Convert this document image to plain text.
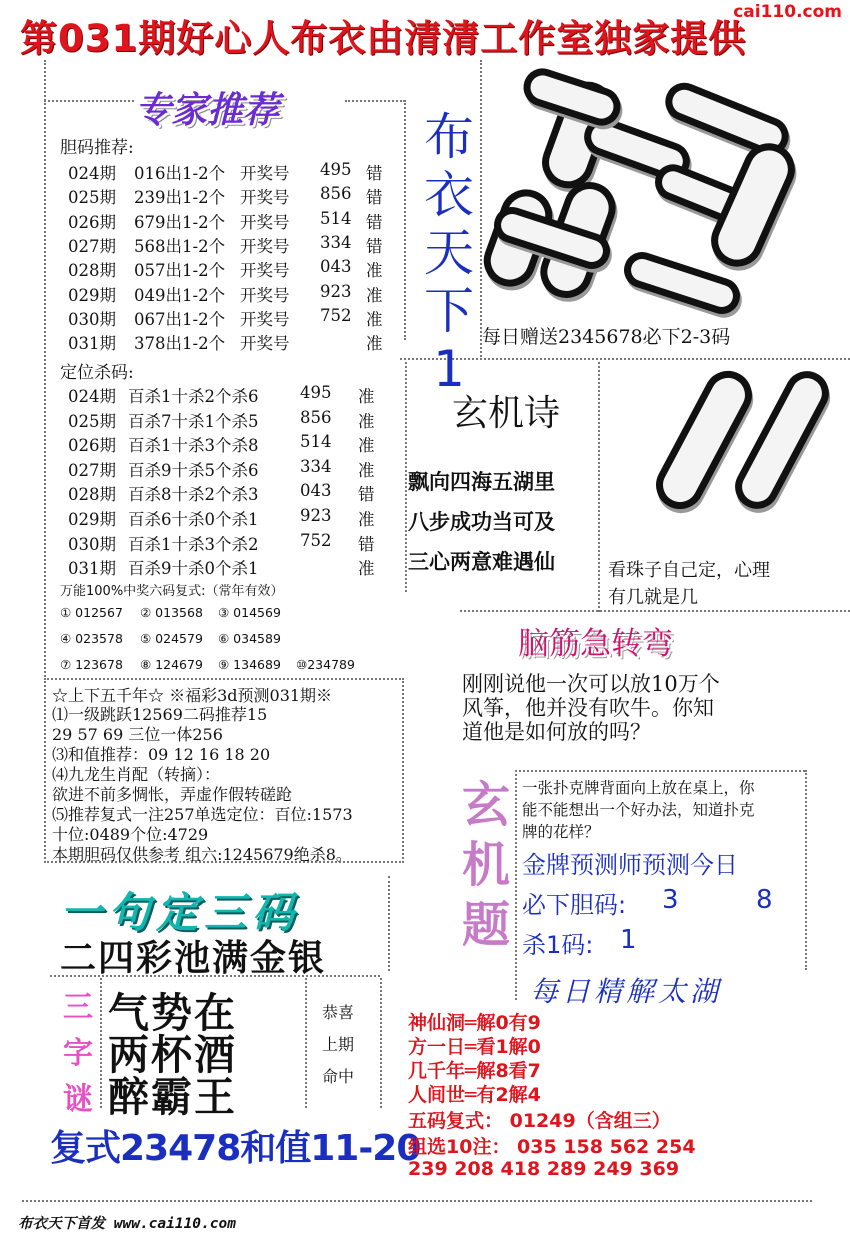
第031期好心人布衣由清清工作室独家提供
cai110.com
专家推荐
胆码推荐:
024期 016出1-2个 开奖号 495 错
025期 239出1-2个 开奖号 856 错
026期 679出1-2个 开奖号 514 错
027期 568出1-2个 开奖号 334 错
028期 057出1-2个 开奖号 043 准
029期 049出1-2个 开奖号 923 准
030期 067出1-2个 开奖号 752 准
031期 378出1-2个 开奖号	准
定位杀码:
024期 百杀1十杀2个杀6	495 准
025期 百杀7十杀1个杀5	856 准
026期 百杀1十杀3个杀8	514 准
027期 百杀9十杀5个杀6	334 准
028期 百杀8十杀2个杀3	043 错
029期 百杀6十杀0个杀1	923 准
030期 百杀1十杀3个杀2	752 错
031期 百杀9十杀0个杀1	准
万能100%中奖六码复式:（常年有效）
① 012567 ② 013568 ③ 014569
④ 023578 ⑤ 024579 ⑥ 034589
⑦ 123678 ⑧ 124679 ⑨ 134689 ⑩234789
布
衣
天
下
1
每日赠送2345678必下2-3码
玄机诗
飘向四海五湖里
八步成功当可及
三心两意难遇仙	看珠子自己定，心理
有几就是几
脑筋急转弯
刚刚说他一次可以放10万个
风筝，他并没有吹牛。你知
道他是如何放的吗？
☆上下五千年☆ ※福彩3d预测031期※
⑴一级跳跃12569二码推荐15
29 57 69 三位一体256
⑶和值推荐：09 12 16 18 20
⑷九龙生肖配（转摘）：
欲进不前多惆怅，弄虚作假转磋跄
⑸推荐复式一注257单选定位：百位:1573
十位:0489个位:4729
本期胆码仅供参考 组六:1245679绝杀8。
玄
机
题
一张扑克牌背面向上放在桌上，你
能不能想出一个好办法，知道扑克
牌的花样？
金牌预测师预测今日
必下胆码: 3	8
杀1码: 1
一句定三码
二四彩池满金银
三
字
谜
气势在
两杯酒
醉霸王
恭喜
上期
命中
复式23478和值11-20
每日精解太湖
神仙洞═解0有9
方一日═看1解0
几千年═解8看7
人间世═有2解4
五码复式： 01249（含组三）
组选10注： 035 158 562 254
239 208 418 289 249 369
布衣天下首发 www.cai110.com
